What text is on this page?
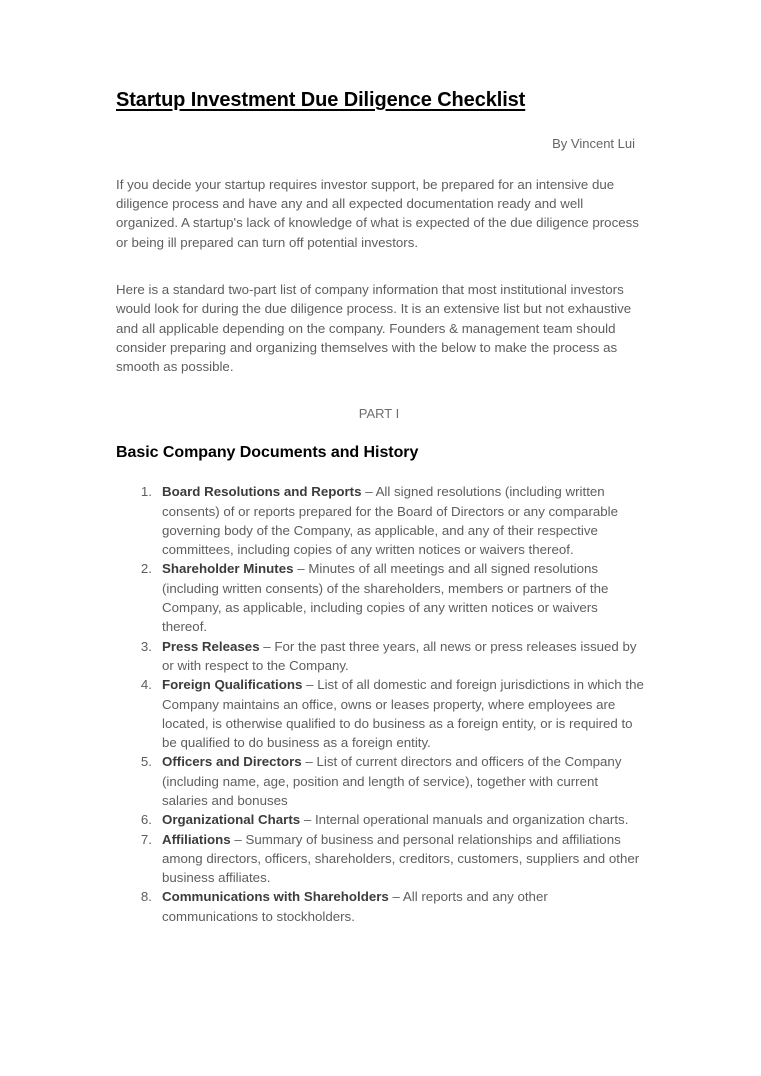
Startup Investment Due Diligence Checklist
By Vincent Lui

If you decide your startup requires investor support, be prepared for an intensive due diligence process and have any and all expected documentation ready and well organized. A startup's lack of knowledge of what is expected of the due diligence process or being ill prepared can turn off potential investors.

Here is a standard two-part list of company information that most institutional investors would look for during the due diligence process. It is an extensive list but not exhaustive and all applicable depending on the company. Founders & management team should consider preparing and organizing themselves with the below to make the process as smooth as possible.

PART I
Basic Company Documents and History
Board Resolutions and Reports – All signed resolutions (including written consents) of or reports prepared for the Board of Directors or any comparable governing body of the Company, as applicable, and any of their respective committees, including copies of any written notices or waivers thereof.
Shareholder Minutes – Minutes of all meetings and all signed resolutions (including written consents) of the shareholders, members or partners of the Company, as applicable, including copies of any written notices or waivers thereof.
Press Releases – For the past three years, all news or press releases issued by or with respect to the Company.
Foreign Qualifications – List of all domestic and foreign jurisdictions in which the Company maintains an office, owns or leases property, where employees are located, is otherwise qualified to do business as a foreign entity, or is required to be qualified to do business as a foreign entity.
Officers and Directors – List of current directors and officers of the Company (including name, age, position and length of service), together with current salaries and bonuses
Organizational Charts – Internal operational manuals and organization charts.
Affiliations – Summary of business and personal relationships and affiliations among directors, officers, shareholders, creditors, customers, suppliers and other business affiliates.
Communications with Shareholders – All reports and any other communications to stockholders.
